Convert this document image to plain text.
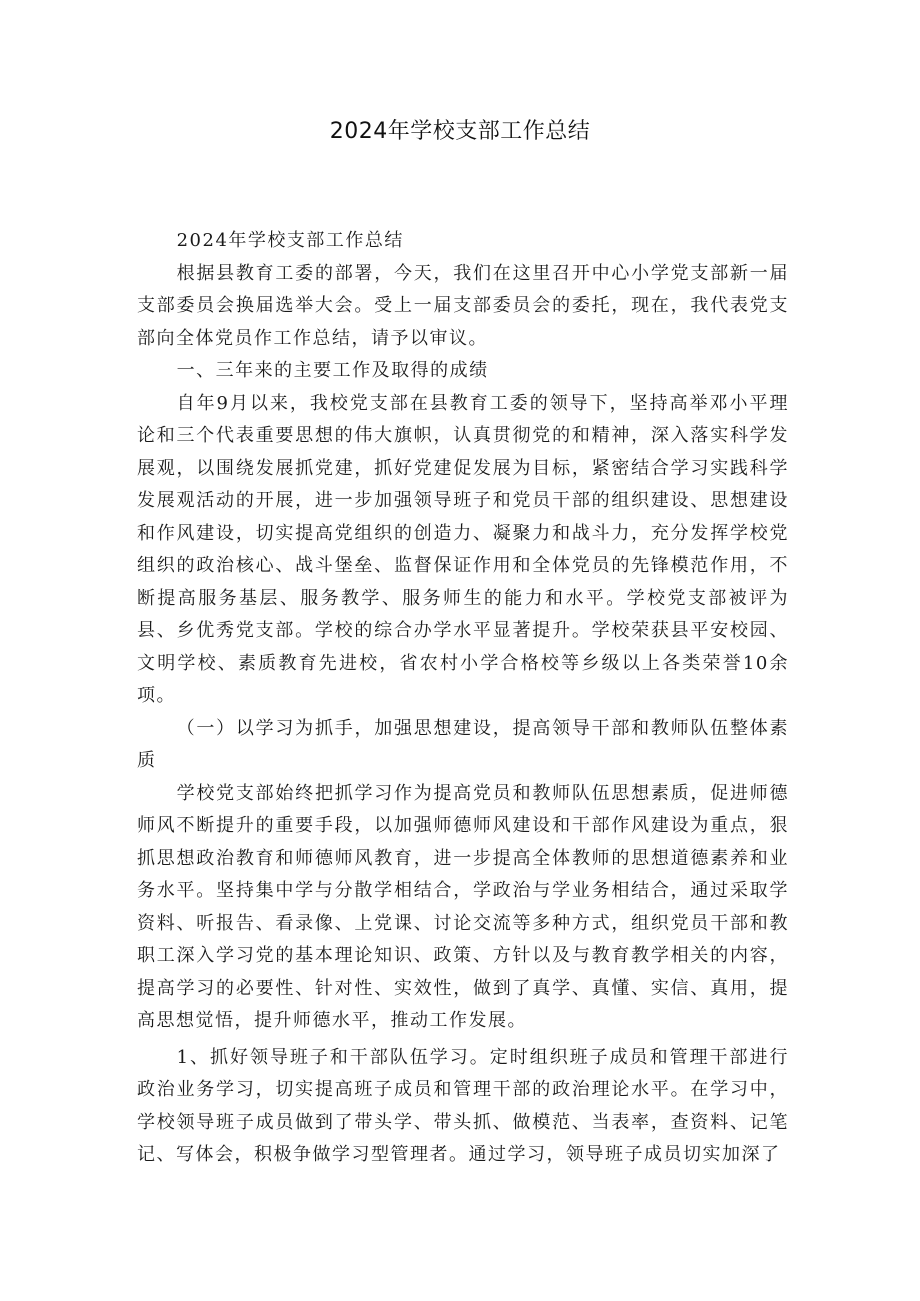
2024年学校支部工作总结

2024年学校支部工作总结

根据县教育工委的部署，今天，我们在这里召开中心小学党支部新一届支部委员会换届选举大会。受上一届支部委员会的委托，现在，我代表党支部向全体党员作工作总结，请予以审议。

一、三年来的主要工作及取得的成绩

自年9月以来，我校党支部在县教育工委的领导下，坚持高举邓小平理论和三个代表重要思想的伟大旗帜，认真贯彻党的和精神，深入落实科学发展观，以围绕发展抓党建，抓好党建促发展为目标，紧密结合学习实践科学发展观活动的开展，进一步加强领导班子和党员干部的组织建设、思想建设和作风建设，切实提高党组织的创造力、凝聚力和战斗力，充分发挥学校党组织的政治核心、战斗堡垒、监督保证作用和全体党员的先锋模范作用，不断提高服务基层、服务教学、服务师生的能力和水平。学校党支部被评为县、乡优秀党支部。学校的综合办学水平显著提升。学校荣获县平安校园、文明学校、素质教育先进校，省农村小学合格校等乡级以上各类荣誉10余项。

（一）以学习为抓手，加强思想建设，提高领导干部和教师队伍整体素质

学校党支部始终把抓学习作为提高党员和教师队伍思想素质，促进师德师风不断提升的重要手段，以加强师德师风建设和干部作风建设为重点，狠抓思想政治教育和师德师风教育，进一步提高全体教师的思想道德素养和业务水平。坚持集中学与分散学相结合，学政治与学业务相结合，通过采取学资料、听报告、看录像、上党课、讨论交流等多种方式，组织党员干部和教职工深入学习党的基本理论知识、政策、方针以及与教育教学相关的内容，提高学习的必要性、针对性、实效性，做到了真学、真懂、实信、真用，提高思想觉悟，提升师德水平，推动工作发展。

1、抓好领导班子和干部队伍学习。定时组织班子成员和管理干部进行政治业务学习，切实提高班子成员和管理干部的政治理论水平。在学习中，学校领导班子成员做到了带头学、带头抓、做模范、当表率，查资料、记笔记、写体会，积极争做学习型管理者。通过学习，领导班子成员切实加深了
